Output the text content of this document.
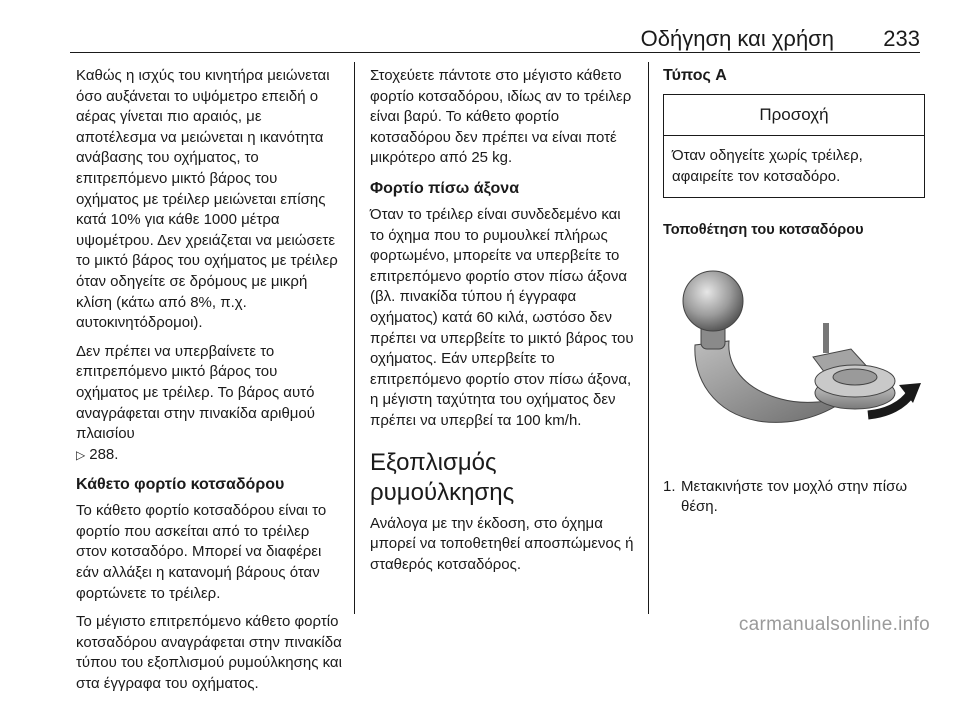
Οδήγηση και χρήση 233

Καθώς η ισχύς του κινητήρα μειώνεται όσο αυξάνεται το υψόμετρο επειδή ο αέρας γίνεται πιο αραιός, με αποτέλεσμα να μειώνεται η ικανότητα ανάβασης του οχήματος, το επιτρεπόμενο μικτό βάρος του οχήματος με τρέιλερ μειώνεται επίσης κατά 10% για κάθε 1000 μέτρα υψομέτρου. Δεν χρειάζεται να μειώσετε το μικτό βάρος του οχήματος με τρέιλερ όταν οδηγείτε σε δρόμους με μικρή κλίση (κάτω από 8%, π.χ. αυτοκινητόδρομοι).

Δεν πρέπει να υπερβαίνετε το επιτρεπόμενο μικτό βάρος του οχήματος με τρέιλερ. Το βάρος αυτό αναγράφεται στην πινακίδα αριθμού πλαισίου
▷ 288.

Κάθετο φορτίο κοτσαδόρου

Το κάθετο φορτίο κοτσαδόρου είναι το φορτίο που ασκείται από το τρέιλερ στον κοτσαδόρο. Μπορεί να διαφέρει εάν αλλάξει η κατανομή βάρους όταν φορτώνετε το τρέιλερ.

Το μέγιστο επιτρεπόμενο κάθετο φορτίο κοτσαδόρου αναγράφεται στην πινακίδα τύπου του εξοπλισμού ρυμούλκησης και στα έγγραφα του οχήματος.

Στοχεύετε πάντοτε στο μέγιστο κάθετο φορτίο κοτσαδόρου, ιδίως αν το τρέιλερ είναι βαρύ. Το κάθετο φορτίο κοτσαδόρου δεν πρέπει να είναι ποτέ μικρότερο από 25 kg.

Φορτίο πίσω άξονα

Όταν το τρέιλερ είναι συνδεδεμένο και το όχημα που το ρυμουλκεί πλήρως φορτωμένο, μπορείτε να υπερβείτε το επιτρεπόμενο φορτίο στον πίσω άξονα (βλ. πινακίδα τύπου ή έγγραφα οχήματος) κατά 60 κιλά, ωστόσο δεν πρέπει να υπερβείτε το μικτό βάρος του οχήματος. Εάν υπερβείτε το επιτρεπόμενο φορτίο στον πίσω άξονα, η μέγιστη ταχύτητα του οχήματος δεν πρέπει να υπερβεί τα 100 km/h.

Εξοπλισμός ρυμούλκησης

Ανάλογα με την έκδοση, στο όχημα μπορεί να τοποθετηθεί αποσπώμενος ή σταθερός κοτσαδόρος.

Τύπος A
Προσοχή
Όταν οδηγείτε χωρίς τρέιλερ, αφαιρείτε τον κοτσαδόρο.
Τοποθέτηση του κοτσαδόρου
1. Μετακινήστε τον μοχλό στην πίσω θέση.
carmanualsonline.info
